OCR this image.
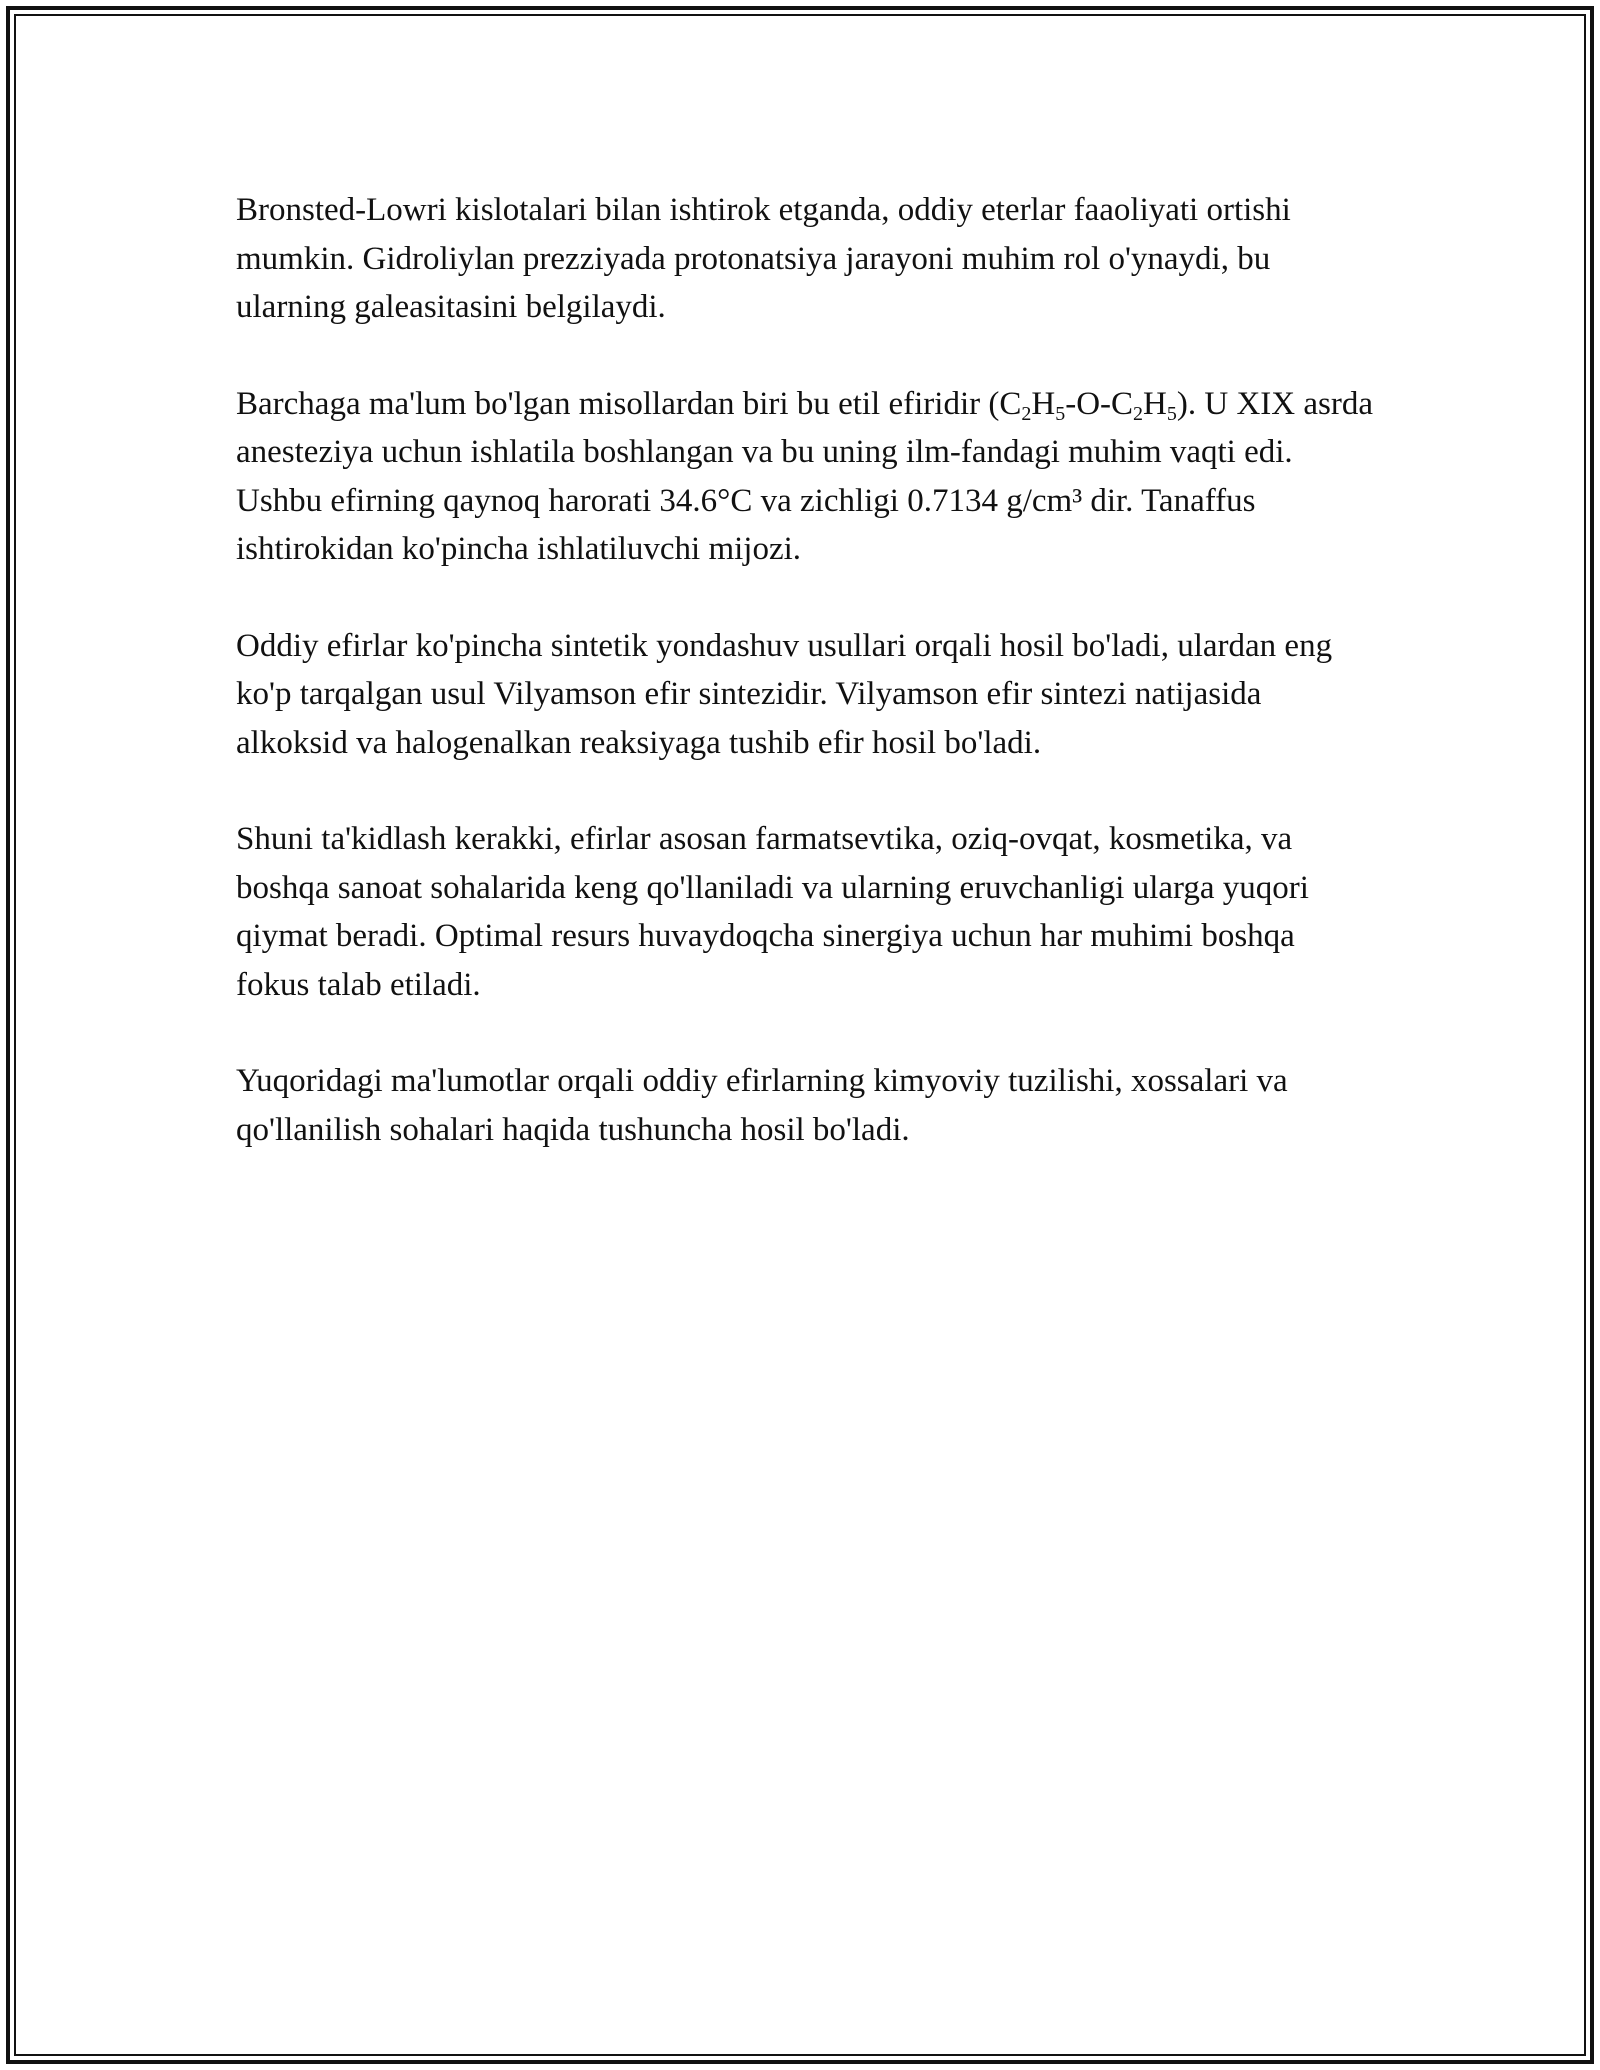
Bronsted-Lowri kislotalari bilan ishtirok etganda, oddiy eterlar faaoliyati ortishi mumkin. Gidroliylan prezziyada protonatsiya jarayoni muhim rol o'ynaydi, bu ularning galeasitasini belgilaydi.

Barchaga ma'lum bo'lgan misollardan biri bu etil efiridir $(C_2H_5-O-C_2H_5)$. U XIX asrda anesteziya uchun ishlatila boshlangan va bu uning ilm-fandagi muhim vaqti edi. Ushbu efirning qaynoq harorati 34.6°C va zichligi 0.7134 g/cm³ dir. Tanaffus ishtirokidan ko'pincha ishlatiluvchi mijozi.

Oddiy efirlar ko'pincha sintetik yondashuv usullari orqali hosil bo'ladi, ulardan eng ko'p tarqalgan usul Vilyamson efir sintezidir. Vilyamson efir sintezi natijasida alkoksid va halogenalkan reaksiyaga tushib efir hosil bo'ladi.

Shuni ta'kidlash kerakki, efirlar asosan farmatsevtika, oziq-ovqat, kosmetika, va boshqa sanoat sohalarida keng qo'llaniladi va ularning eruvchanligi ularga yuqori qiymat beradi. Optimal resurs huvaydoqcha sinergiya uchun har muhimi boshqa fokus talab etiladi.

Yuqoridagi ma'lumotlar orqali oddiy efirlarning kimyoviy tuzilishi, xossalari va qo'llanilish sohalari haqida tushuncha hosil bo'ladi.
